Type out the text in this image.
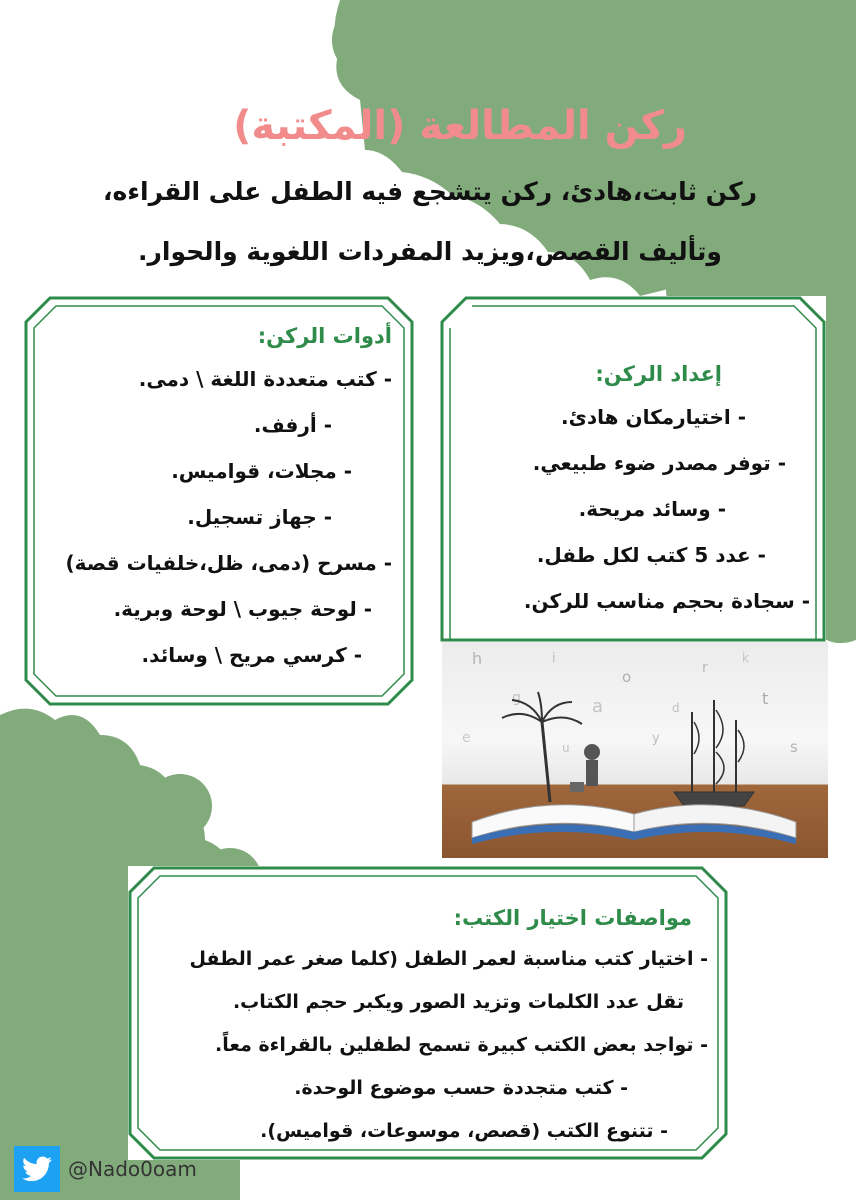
ركن المطالعة (المكتبة)
ركن ثابت،هادئ، ركن يتشجع فيه الطفل على القراءه،
وتأليف القصص،ويزيد المفردات اللغوية والحوار.
أدوات الركن:
- كتب متعددة اللغة \ دمى.
- أرفف.
- مجلات، قواميس.
- جهاز تسجيل.
- مسرح (دمى، ظل،خلفيات قصة)
- لوحة جيوب \ لوحة وبرية.
- كرسي مريح \ وسائد.
إعداد الركن:
- اختيارمكان هادئ.
- توفر مصدر ضوء طبيعي.
- وسائد مريحة.
- عدد 5 كتب لكل طفل.
- سجادة بحجم مناسب للركن.
h
g
i
o
a
r
t
s
d
k
e	y
u
مواصفات اختيار الكتب:
- اختيار كتب مناسبة لعمر الطفل (كلما صغر عمر الطفل
تقل عدد الكلمات وتزيد الصور ويكبر حجم الكتاب.
- تواجد بعض الكتب كبيرة تسمح لطفلين بالقراءة معاً.
- كتب متجددة حسب موضوع الوحدة.
- تتنوع الكتب (قصص، موسوعات، قواميس).
@Nado0oam
